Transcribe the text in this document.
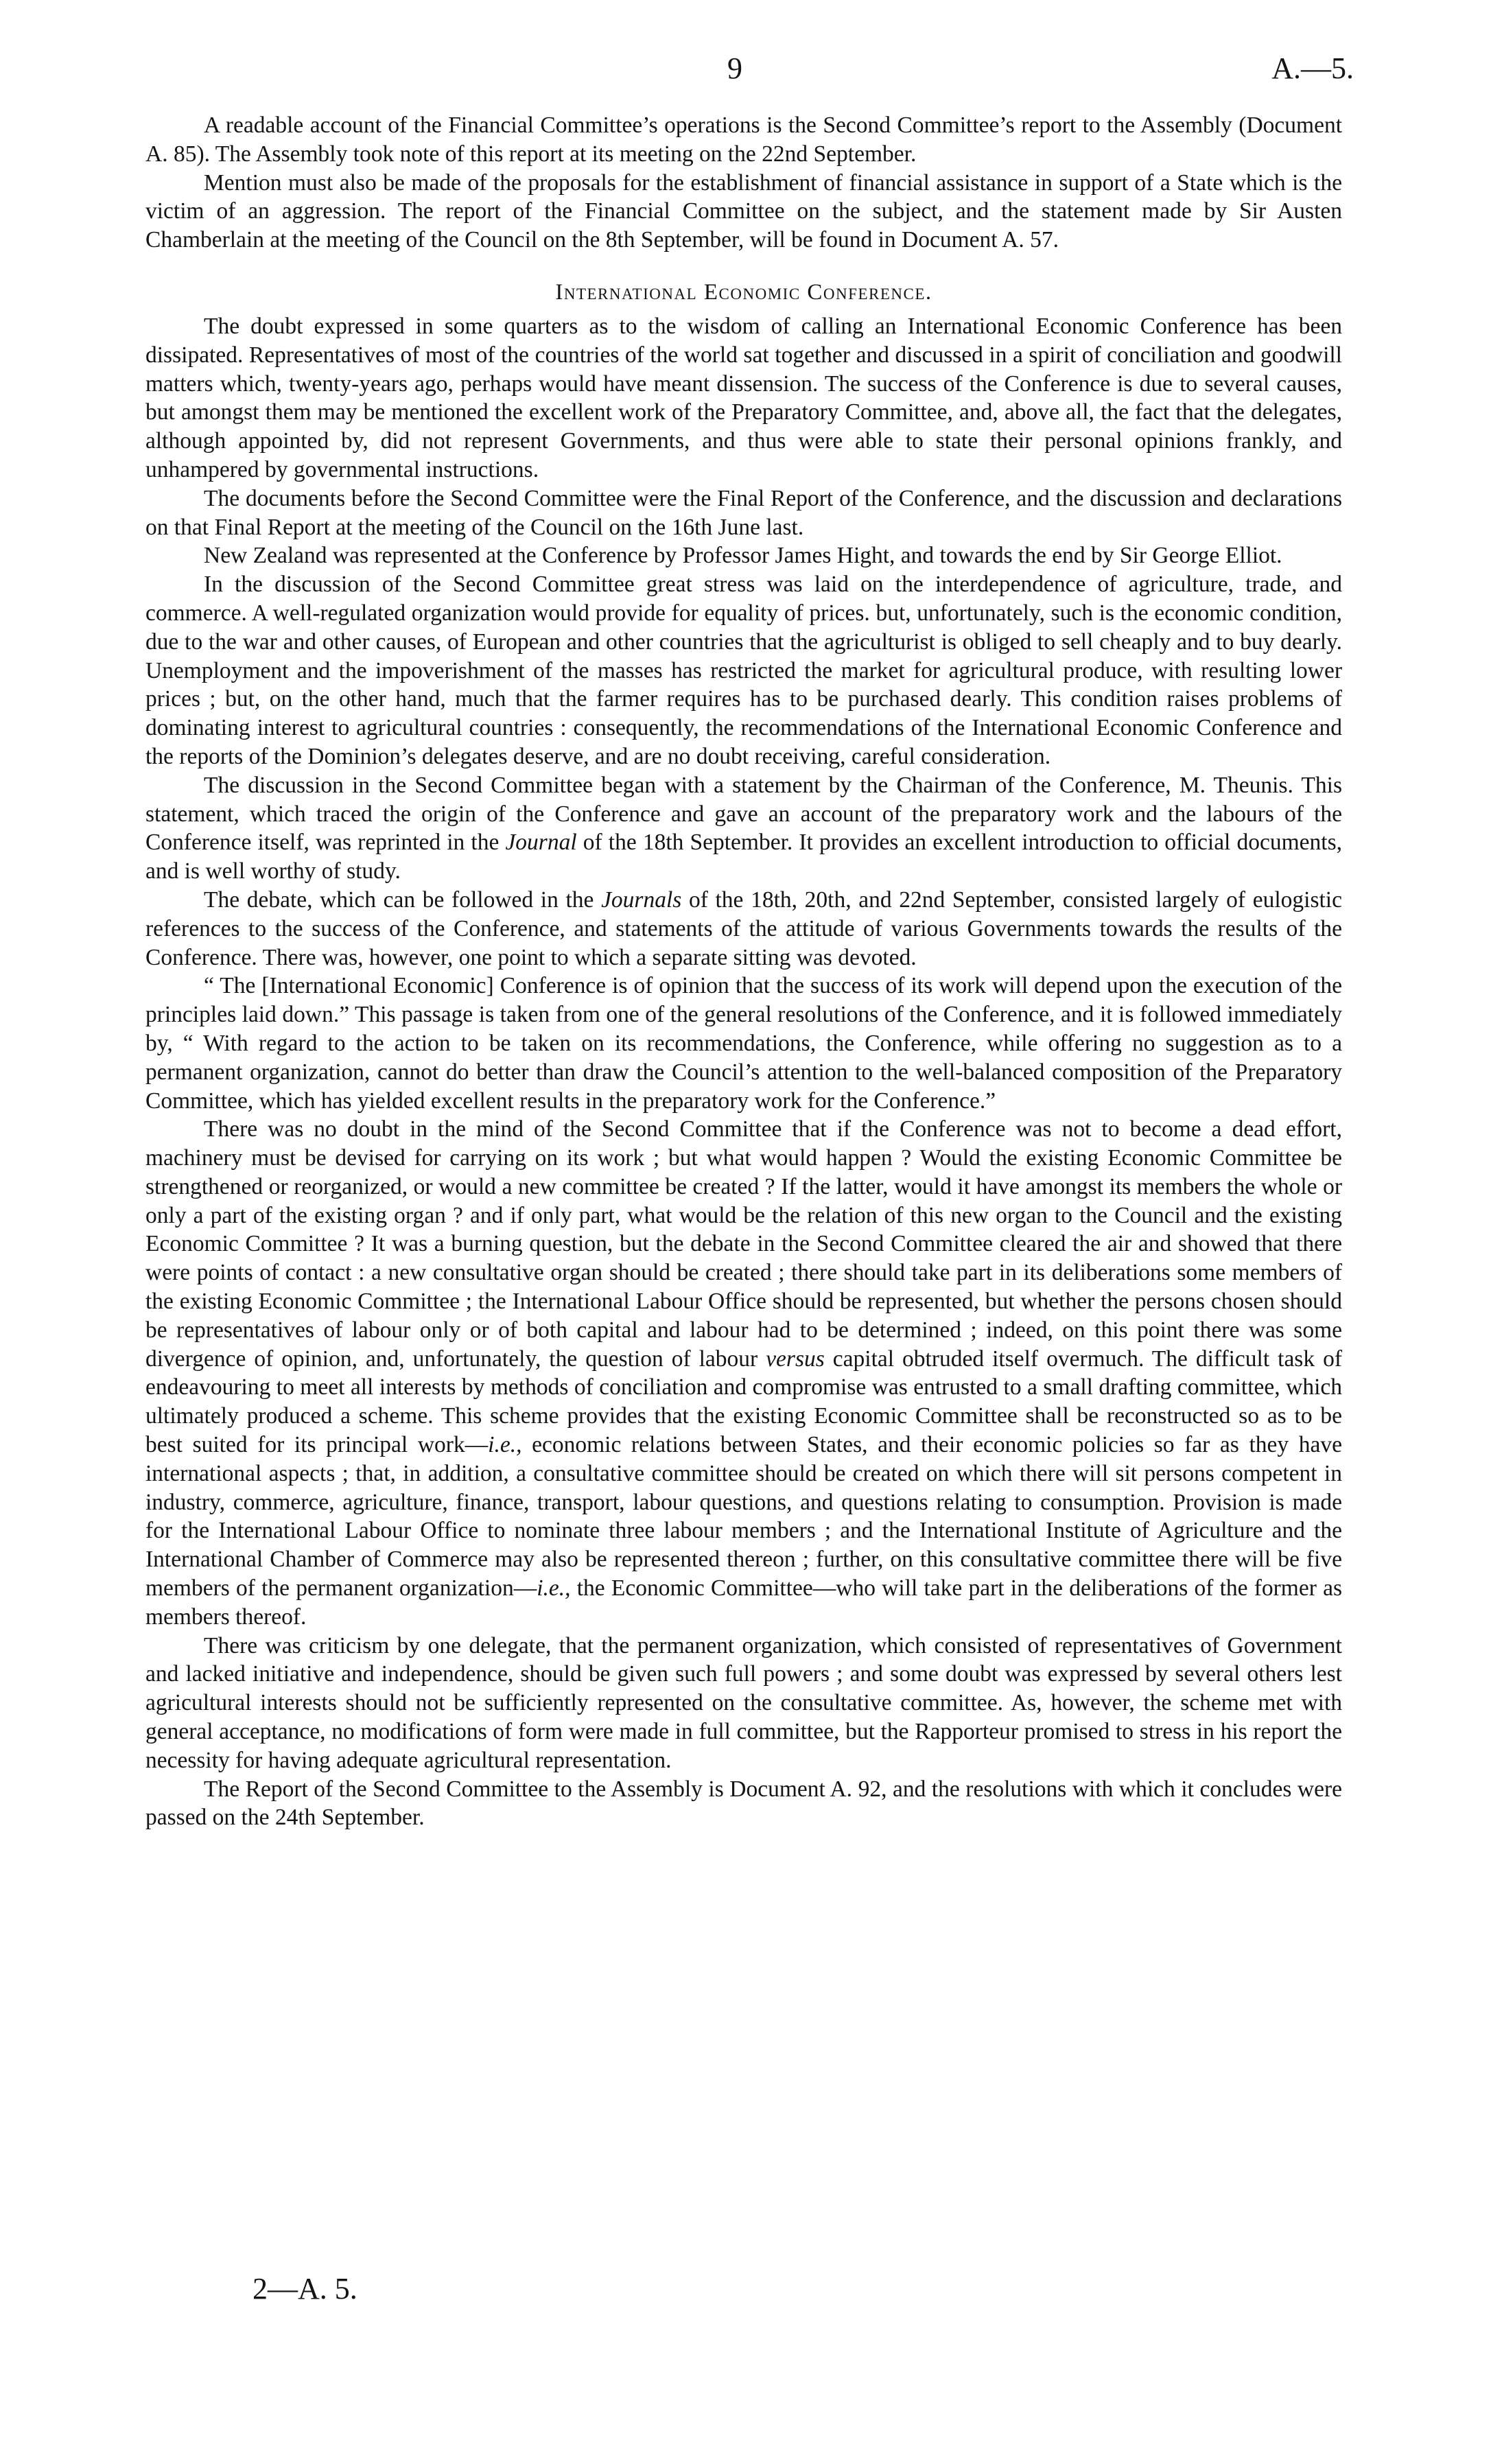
9	A.—5.

A readable account of the Financial Committee’s operations is the Second Committee’s report to the Assembly (Document A. 85). The Assembly took note of this report at its meeting on the 22nd September.

Mention must also be made of the proposals for the establishment of financial assistance in support of a State which is the victim of an aggression. The report of the Financial Committee on the subject, and the statement made by Sir Austen Chamberlain at the meeting of the Council on the 8th September, will be found in Document A. 57.

International Economic Conference.

The doubt expressed in some quarters as to the wisdom of calling an International Economic Conference has been dissipated. Representatives of most of the countries of the world sat together and discussed in a spirit of conciliation and goodwill matters which, twenty-years ago, perhaps would have meant dissension. The success of the Conference is due to several causes, but amongst them may be mentioned the excellent work of the Preparatory Committee, and, above all, the fact that the delegates, although appointed by, did not represent Governments, and thus were able to state their personal opinions frankly, and unhampered by governmental instructions.

The documents before the Second Committee were the Final Report of the Conference, and the discussion and declarations on that Final Report at the meeting of the Council on the 16th June last.

New Zealand was represented at the Conference by Professor James Hight, and towards the end by Sir George Elliot.

In the discussion of the Second Committee great stress was laid on the interdependence of agriculture, trade, and commerce. A well-regulated organization would provide for equality of prices. but, unfortunately, such is the economic condition, due to the war and other causes, of European and other countries that the agriculturist is obliged to sell cheaply and to buy dearly. Unemployment and the impoverishment of the masses has restricted the market for agricultural produce, with resulting lower prices ; but, on the other hand, much that the farmer requires has to be purchased dearly. This condition raises problems of dominating interest to agricultural countries : consequently, the recommendations of the International Economic Conference and the reports of the Dominion’s delegates deserve, and are no doubt receiving, careful consideration.

The discussion in the Second Committee began with a statement by the Chairman of the Conference, M. Theunis. This statement, which traced the origin of the Conference and gave an account of the preparatory work and the labours of the Conference itself, was reprinted in the Journal of the 18th September. It provides an excellent introduction to official documents, and is well worthy of study.

The debate, which can be followed in the Journals of the 18th, 20th, and 22nd September, consisted largely of eulogistic references to the success of the Conference, and statements of the attitude of various Governments towards the results of the Conference. There was, however, one point to which a separate sitting was devoted.

“ The [International Economic] Conference is of opinion that the success of its work will depend upon the execution of the principles laid down.” This passage is taken from one of the general resolutions of the Conference, and it is followed immediately by, “ With regard to the action to be taken on its recommendations, the Conference, while offering no suggestion as to a permanent organization, cannot do better than draw the Council’s attention to the well-balanced composition of the Preparatory Committee, which has yielded excellent results in the preparatory work for the Conference.”

There was no doubt in the mind of the Second Committee that if the Conference was not to become a dead effort, machinery must be devised for carrying on its work ; but what would happen ? Would the existing Economic Committee be strengthened or reorganized, or would a new committee be created ? If the latter, would it have amongst its members the whole or only a part of the existing organ ? and if only part, what would be the relation of this new organ to the Council and the existing Economic Committee ? It was a burning question, but the debate in the Second Committee cleared the air and showed that there were points of contact : a new consultative organ should be created ; there should take part in its deliberations some members of the existing Economic Committee ; the International Labour Office should be represented, but whether the persons chosen should be representatives of labour only or of both capital and labour had to be determined ; indeed, on this point there was some divergence of opinion, and, unfortunately, the question of labour versus capital obtruded itself overmuch. The difficult task of endeavouring to meet all interests by methods of conciliation and compromise was entrusted to a small drafting committee, which ultimately produced a scheme. This scheme provides that the existing Economic Committee shall be reconstructed so as to be best suited for its principal work—i.e., economic relations between States, and their economic policies so far as they have international aspects ; that, in addition, a consultative committee should be created on which there will sit persons competent in industry, commerce, agriculture, finance, transport, labour questions, and questions relating to consumption. Provision is made for the International Labour Office to nominate three labour members ; and the International Institute of Agriculture and the International Chamber of Commerce may also be represented thereon ; further, on this consultative committee there will be five members of the permanent organization—i.e., the Economic Committee—who will take part in the deliberations of the former as members thereof.

There was criticism by one delegate, that the permanent organization, which consisted of representatives of Government and lacked initiative and independence, should be given such full powers ; and some doubt was expressed by several others lest agricultural interests should not be sufficiently represented on the consultative committee. As, however, the scheme met with general acceptance, no modifications of form were made in full committee, but the Rapporteur promised to stress in his report the necessity for having adequate agricultural representation.

The Report of the Second Committee to the Assembly is Document A. 92, and the resolutions with which it concludes were passed on the 24th September.

2—A. 5.
